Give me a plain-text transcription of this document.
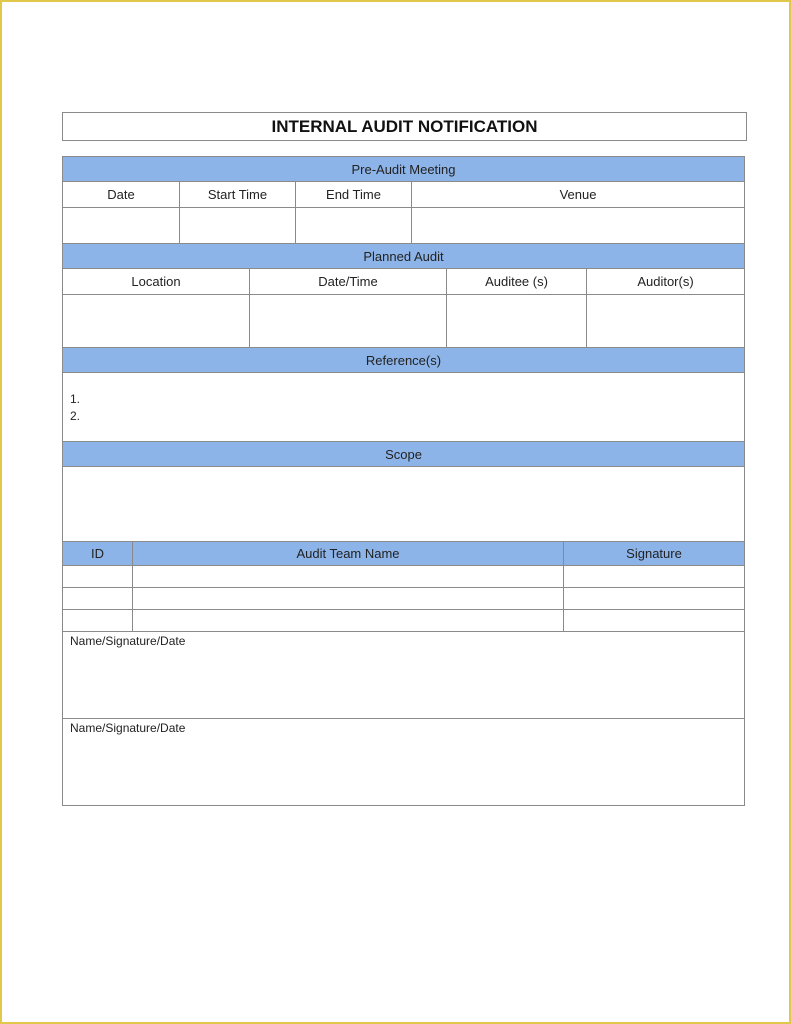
INTERNAL AUDIT NOTIFICATION
Pre-Audit Meeting
Date	Start Time	End Time	Venue
Planned Audit
Location	Date/Time	Auditee (s)	Auditor(s)
Reference(s)
1.
2.
Scope
ID	Audit Team Name	Signature
Name/Signature/Date
Name/Signature/Date
